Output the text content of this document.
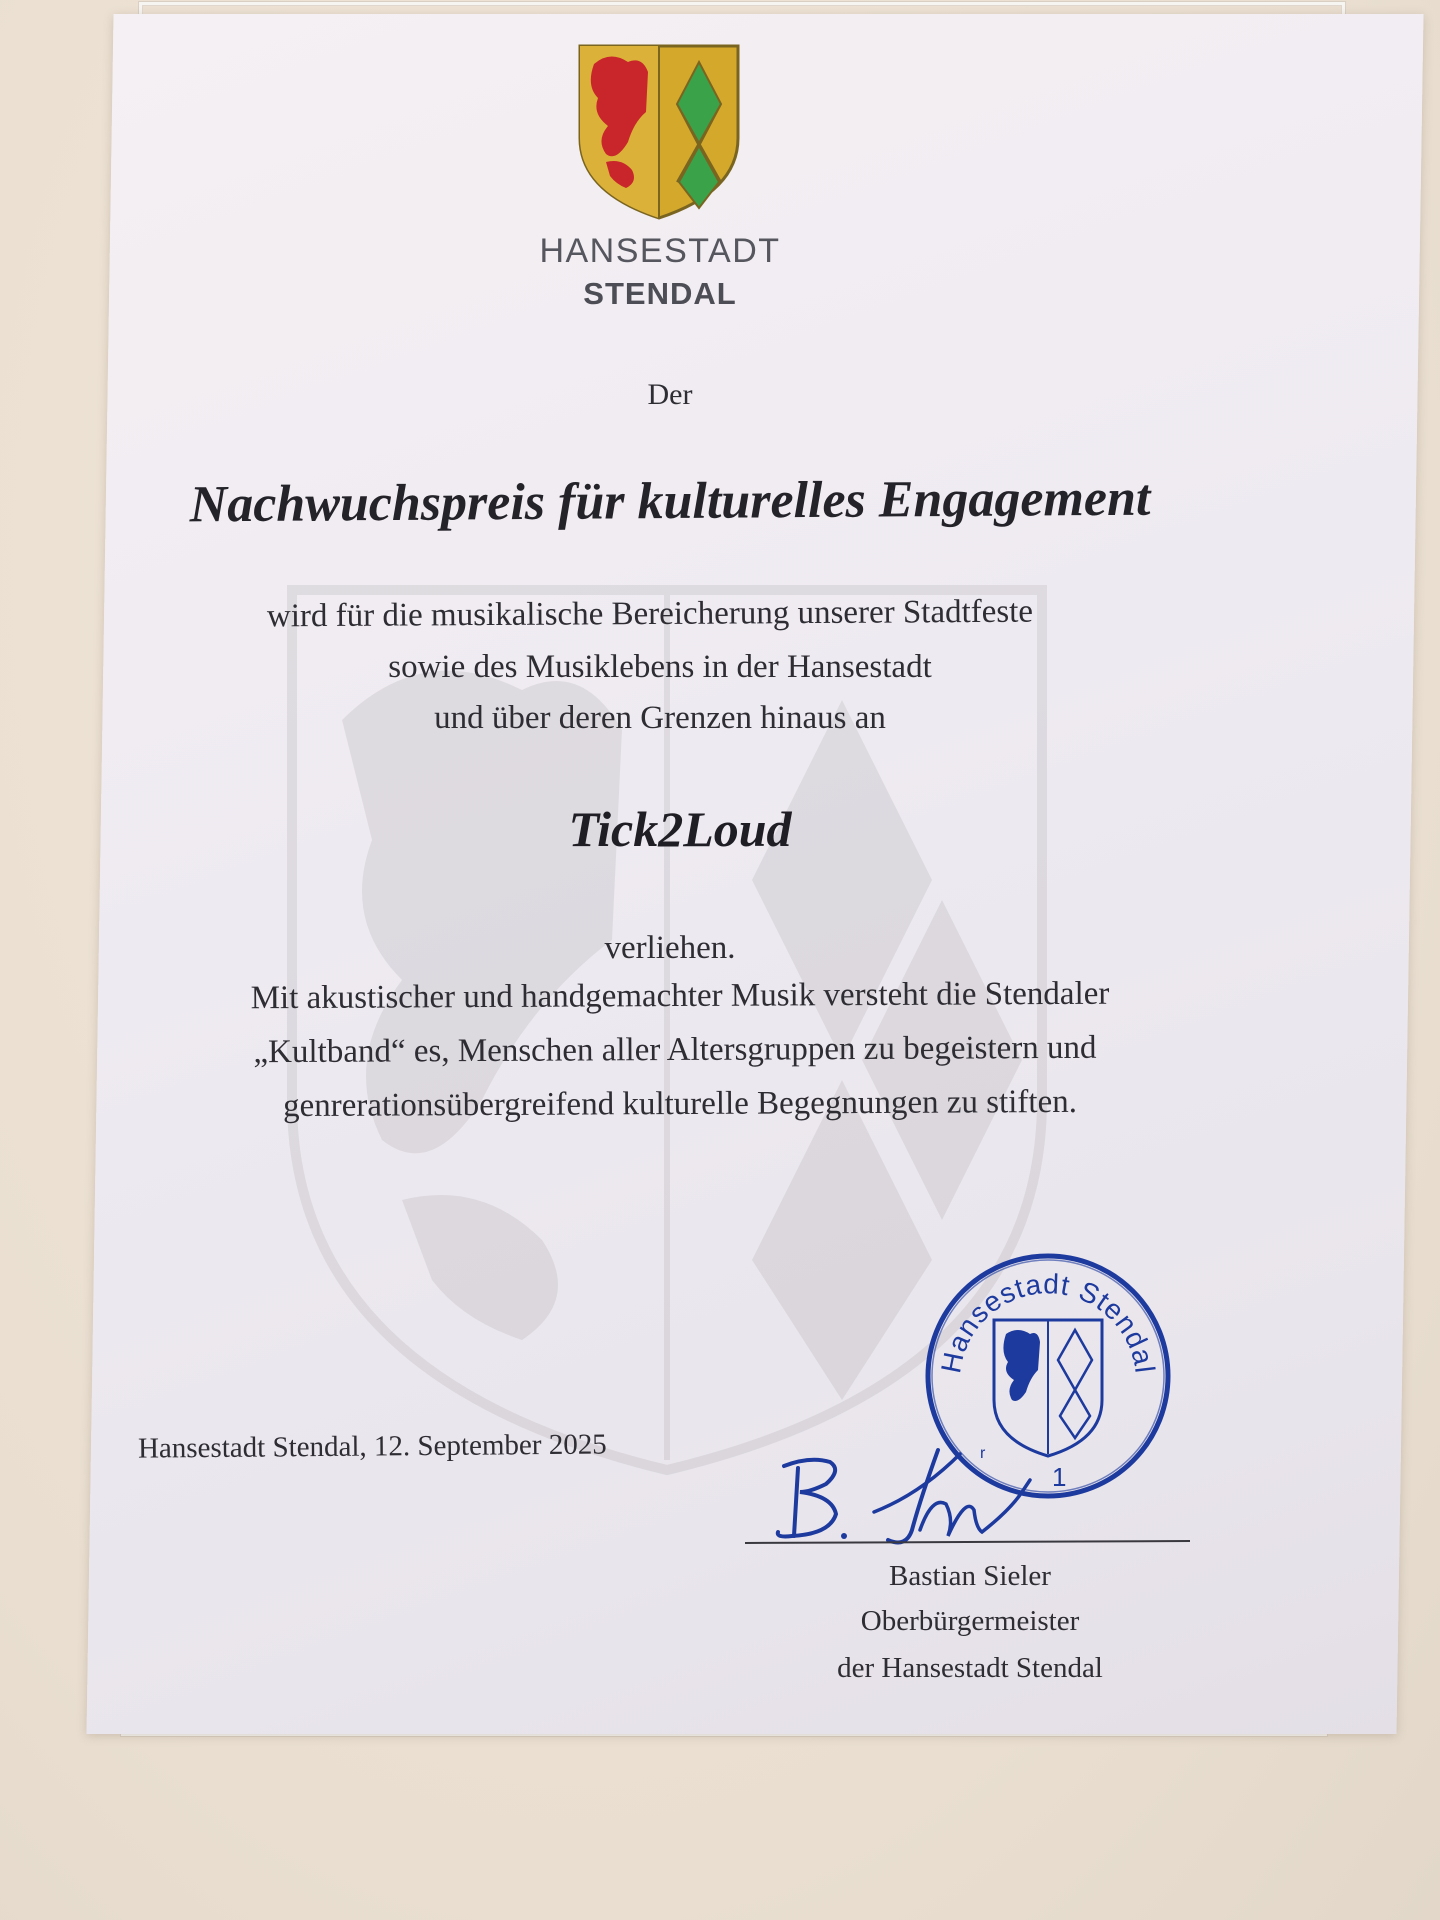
HANSESTADT
STENDAL
Der
Nachwuchspreis für kulturelles Engagement
wird für die musikalische Bereicherung unserer Stadtfeste
sowie des Musiklebens in der Hansestadt
und über deren Grenzen hinaus an
Tick2Loud
verliehen.
Mit akustischer und handgemachter Musik versteht die Stendaler
„Kultband“ es, Menschen aller Altersgruppen zu begeistern und
genrerationsübergreifend kulturelle Begegnungen zu stiften.
Hansestadt Stendal, 12. September 2025
Hansestadt Stendal
1
r
Bastian Sieler
Oberbürgermeister
der Hansestadt Stendal
